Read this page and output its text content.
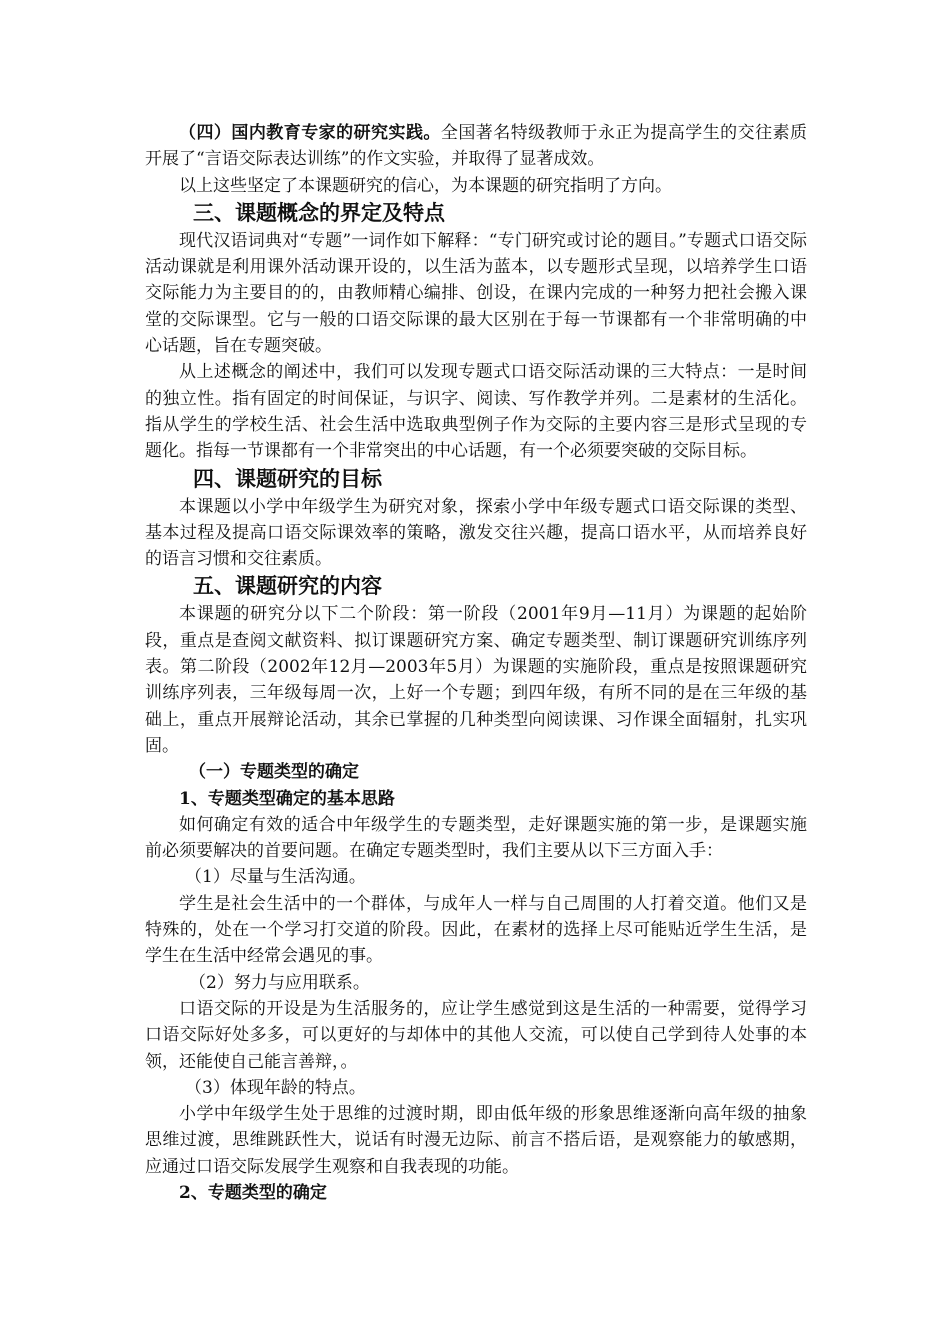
（四）国内教育专家的研究实践。全国著名特级教师于永正为提高学生的交往素质开展了“言语交际表达训练”的作文实验，并取得了显著成效。

以上这些坚定了本课题研究的信心，为本课题的研究指明了方向。

三、课题概念的界定及特点

现代汉语词典对“专题”一词作如下解释：“专门研究或讨论的题目。”专题式口语交际活动课就是利用课外活动课开设的，以生活为蓝本，以专题形式呈现，以培养学生口语交际能力为主要目的的，由教师精心编排、创设，在课内完成的一种努力把社会搬入课堂的交际课型。它与一般的口语交际课的最大区别在于每一节课都有一个非常明确的中心话题，旨在专题突破。

从上述概念的阐述中，我们可以发现专题式口语交际活动课的三大特点：一是时间的独立性。指有固定的时间保证，与识字、阅读、写作教学并列。二是素材的生活化。指从学生的学校生活、社会生活中选取典型例子作为交际的主要内容三是形式呈现的专题化。指每一节课都有一个非常突出的中心话题，有一个必须要突破的交际目标。

四、课题研究的目标

本课题以小学中年级学生为研究对象，探索小学中年级专题式口语交际课的类型、基本过程及提高口语交际课效率的策略，激发交往兴趣，提高口语水平，从而培养良好的语言习惯和交往素质。

五、课题研究的内容

本课题的研究分以下二个阶段：第一阶段（2001年9月—11月）为课题的起始阶段，重点是查阅文献资料、拟订课题研究方案、确定专题类型、制订课题研究训练序列表。第二阶段（2002年12月—2003年5月）为课题的实施阶段，重点是按照课题研究训练序列表，三年级每周一次，上好一个专题；到四年级，有所不同的是在三年级的基础上，重点开展辩论活动，其余已掌握的几种类型向阅读课、习作课全面辐射，扎实巩固。

（一）专题类型的确定

1、专题类型确定的基本思路

如何确定有效的适合中年级学生的专题类型，走好课题实施的第一步，是课题实施前必须要解决的首要问题。在确定专题类型时，我们主要从以下三方面入手：

（1）尽量与生活沟通。

学生是社会生活中的一个群体，与成年人一样与自己周围的人打着交道。他们又是特殊的，处在一个学习打交道的阶段。因此，在素材的选择上尽可能贴近学生生活，是学生在生活中经常会遇见的事。

（2）努力与应用联系。

口语交际的开设是为生活服务的，应让学生感觉到这是生活的一种需要，觉得学习口语交际好处多多，可以更好的与却体中的其他人交流，可以使自己学到待人处事的本领，还能使自己能言善辩，。

（3）体现年龄的特点。

小学中年级学生处于思维的过渡时期，即由低年级的形象思维逐渐向高年级的抽象思维过渡，思维跳跃性大，说话有时漫无边际、前言不搭后语，是观察能力的敏感期，应通过口语交际发展学生观察和自我表现的功能。

2、专题类型的确定
